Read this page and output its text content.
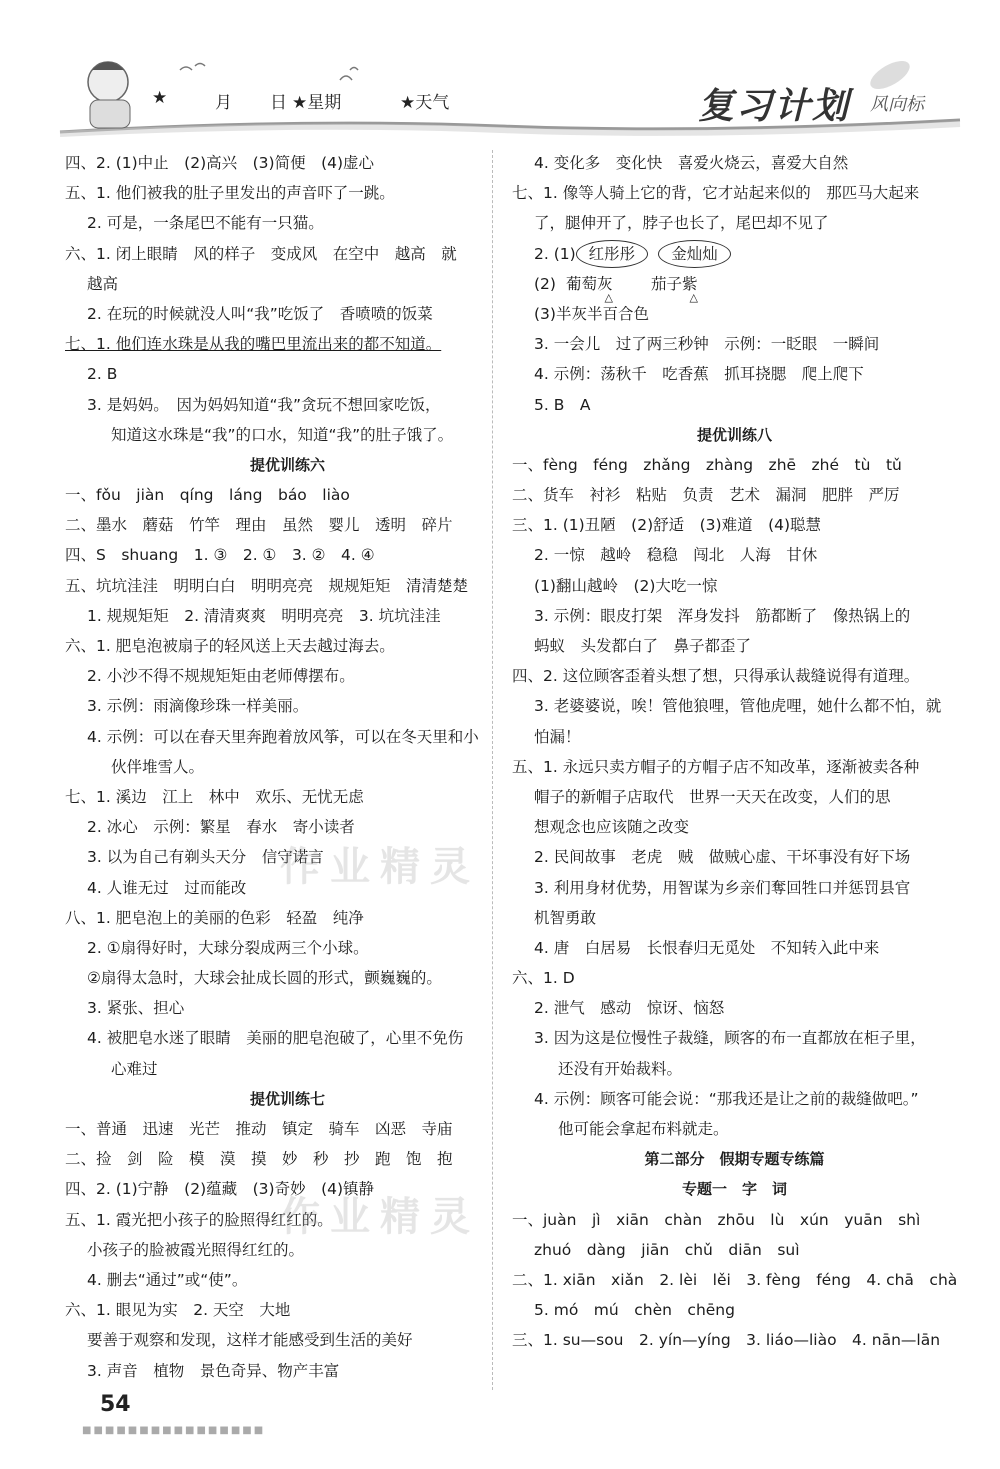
★	月 日 ★星期	★天气	复习计划 风向标
四、2. (1)中止　(2)高兴　(3)简便　(4)虚心
五、1. 他们被我的肚子里发出的声音吓了一跳。
2. 可是，一条尾巴不能有一只猫。
六、1. 闭上眼睛　风的样子　变成风　在空中　越高　就
越高
2. 在玩的时候就没人叫“我”吃饭了　香喷喷的饭菜
七、1. 他们连水珠是从我的嘴巴里流出来的都不知道。
2. B
3. 是妈妈。　因为妈妈知道“我”贪玩不想回家吃饭，
知道这水珠是“我”的口水，知道“我”的肚子饿了。
提优训练六
一、fǒu　jiàn　qíng　láng　báo　liào
二、墨水　蘑菇　竹竿　理由　虽然　婴儿　透明　碎片
四、S　shuang　1. ③　2. ①　3. ②　4. ④
五、坑坑洼洼　明明白白　明明亮亮　规规矩矩　清清楚楚
1. 规规矩矩　2. 清清爽爽　明明亮亮　3. 坑坑洼洼
六、1. 肥皂泡被扇子的轻风送上天去越过海去。
2. 小沙不得不规规矩矩由老师傅摆布。
3. 示例：雨滴像珍珠一样美丽。
4. 示例：可以在春天里奔跑着放风筝，可以在冬天里和小
伙伴堆雪人。
七、1. 溪边　江上　林中　欢乐、无忧无虑
2. 冰心　示例：繁星　春水　寄小读者
3. 以为自己有剃头天分　信守诺言
4. 人谁无过　过而能改
八、1. 肥皂泡上的美丽的色彩　轻盈　纯净
2. ①扇得好时，大球分裂成两三个小球。
②扇得太急时，大球会扯成长圆的形式，颤巍巍的。
3. 紧张、担心
4. 被肥皂水迷了眼睛　美丽的肥皂泡破了，心里不免伤
心难过
提优训练七
一、普通　迅速　光芒　推动　镇定　骑车　凶恶　寺庙
二、捡　剑　险　模　漠　摸　妙　秒　抄　跑　饱　抱
四、2. (1)宁静　(2)蕴藏　(3)奇妙　(4)镇静
五、1. 霞光把小孩子的脸照得红红的。
小孩子的脸被霞光照得红红的。
4. 删去“通过”或“使”。
六、1. 眼见为实　2. 天空　大地
要善于观察和发现，这样才能感受到生活的美好
3. 声音　植物　景色奇异、物产丰富
4. 变化多　变化快　喜爱火烧云，喜爱大自然
七、1. 像等人骑上它的背，它才站起来似的　那匹马大起来
了，腿伸开了，脖子也长了，尾巴却不见了
2. (1) 红彤彤 金灿灿
(2) 葡萄灰$_\triangle$茄子紫$_\triangle$
(3)半灰半百合色
3. 一会儿　过了两三秒钟　示例：一眨眼　一瞬间
4. 示例：荡秋千　吃香蕉　抓耳挠腮　爬上爬下
5. B　A
提优训练八
一、fèng　féng　zhǎng　zhàng　zhē　zhé　tù　tǔ
二、货车　衬衫　粘贴　负责　艺术　漏洞　肥胖　严厉
三、1. (1)丑陋　(2)舒适　(3)难道　(4)聪慧
2. 一惊　越岭　稳稳　闯北　人海　甘休
(1)翻山越岭　(2)大吃一惊
3. 示例：眼皮打架　浑身发抖　筋都断了　像热锅上的
蚂蚁　头发都白了　鼻子都歪了
四、2. 这位顾客歪着头想了想，只得承认裁缝说得有道理。
3. 老婆婆说，唉！管他狼哩，管他虎哩，她什么都不怕，就
怕漏！
五、1. 永远只卖方帽子的方帽子店不知改革，逐渐被卖各种
帽子的新帽子店取代　世界一天天在改变，人们的思
想观念也应该随之改变
2. 民间故事　老虎　贼　做贼心虚、干坏事没有好下场
3. 利用身材优势，用智谋为乡亲们奪回牲口并惩罚县官
机智勇敢
4. 唐　白居易　长恨春归无觅处　不知转入此中来
六、1. D
2. 泄气　感动　惊讶、恼怒
3. 因为这是位慢性子裁缝，顾客的布一直都放在柜子里，
还没有开始裁料。
4. 示例：顾客可能会说：“那我还是让之前的裁缝做吧。”
他可能会拿起布料就走。
第二部分　假期专题专练篇
专题一　字　词
一、juàn　jì　xiān　chàn　zhōu　lù　xún　yuān　shì
zhuó　dàng　jiān　chǔ　diān　suì
二、1. xiān　xiǎn　2. lèi　lěi　3. fèng　féng　4. chā　chà
5. mó　mú　chèn　chēng
三、1. su—sou　2. yín—yíng　3. liáo—liào　4. nān—lān
作业精灵
作业精灵
54
■■■■■■■■■■■■■■■■
